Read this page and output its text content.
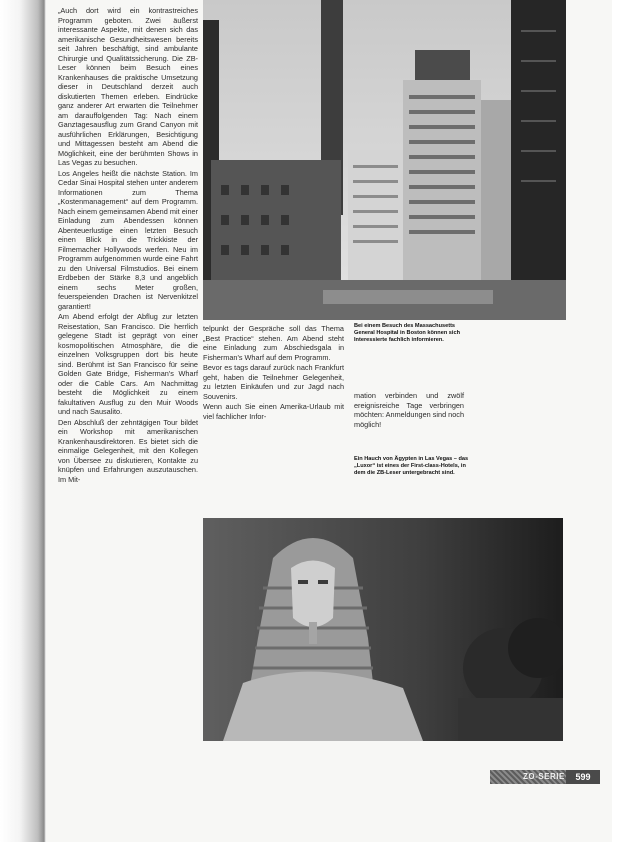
„Auch dort wird ein kontrastreiches Programm geboten. Zwei äußerst interessante Aspekte, mit denen sich das amerikanische Gesundheitswesen bereits seit Jahren beschäftigt, sind ambulante Chirurgie und Qualitätssicherung. Die ZB-Leser können beim Besuch eines Krankenhauses die praktische Umsetzung dieser in Deutschland derzeit auch diskutierten Themen erleben. Eindrücke ganz anderer Art erwarten die Teilnehmer am darauffolgenden Tag: Nach einem Ganztagesausflug zum Grand Canyon mit ausführlichen Erklärungen, Besichtigung und Mittagessen besteht am Abend die Möglichkeit, eine der berühmten Shows in Las Vegas zu besuchen.

Los Angeles heißt die nächste Station. Im Cedar Sinai Hospital stehen unter anderem Informationen zum Thema „Kostenmanagement“ auf dem Programm. Nach einem gemeinsamen Abend mit einer Einladung zum Abendessen können Abenteuerlustige einen letzten Besuch einen Blick in die Trickkiste der Filmemacher Hollywoods werfen. Neu im Programm aufgenommen wurde eine Fahrt zu den Universal Filmstudios. Bei einem Erdbeben der Stärke 8,3 und angeblich einem sechs Meter großen, feuerspeienden Drachen ist Nervenkitzel garantiert!

Am Abend erfolgt der Abflug zur letzten Reisestation, San Francisco. Die herrlich gelegene Stadt ist geprägt von einer kosmopolitischen Atmosphäre, die die einzelnen Volksgruppen dort bis heute sind. Berühmt ist San Francisco für seine Golden Gate Bridge, Fisherman's Wharf oder die Cable Cars. Am Nachmittag besteht die Möglichkeit zu einem fakultativen Ausflug zu den Muir Woods und nach Sausalito.

Den Abschluß der zehntägigen Tour bildet ein Workshop mit amerikanischen Krankenhausdirektoren. Es bietet sich die einmalige Gelegenheit, mit den Kollegen von Übersee zu diskutieren, Kontakte zu knüpfen und Erfahrungen auszutauschen. Im Mit-

telpunkt der Gespräche soll das Thema „Best Practice“ stehen. Am Abend steht eine Einladung zum Abschiedsgala in Fisherman's Wharf auf dem Programm.

Bevor es tags darauf zurück nach Frankfurt geht, haben die Teilnehmer Gelegenheit, zu letzten Einkäufen und zur Jagd nach Souvenirs.

Wenn auch Sie einen Amerika-Urlaub mit viel fachlicher Infor-

Bei einem Besuch des Massachusetts General Hospital in Boston können sich Interessierte fachlich informieren.

mation verbinden und zwölf ereignisreiche Tage verbringen möchten: Anmeldungen sind noch möglich!

Ein Hauch von Ägypten in Las Vegas – das „Luxor“ ist eines der First-class-Hotels, in dem die ZB-Leser untergebracht sind.
ZO-SERIE	599
